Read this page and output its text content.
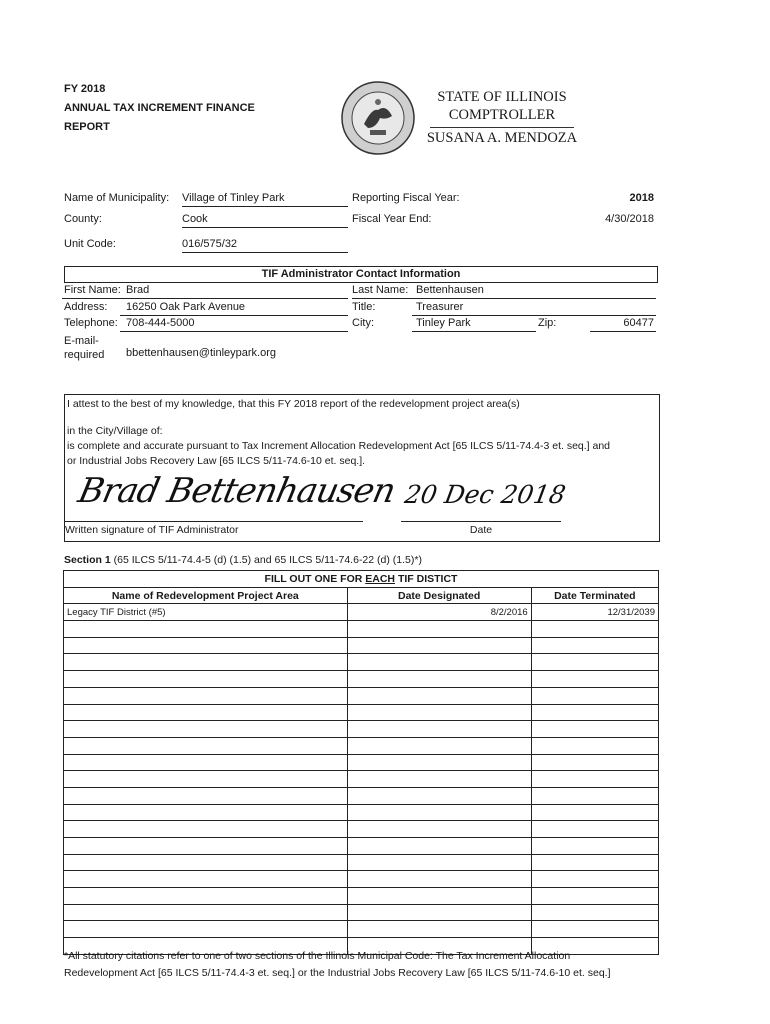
FY 2018
ANNUAL TAX INCREMENT FINANCE
REPORT
STATE OF ILLINOIS
COMPTROLLER
SUSANA A. MENDOZA
Name of Municipality: Village of Tinley Park
County:	Cook
Unit Code:	016/575/32
Reporting Fiscal Year:	2018
Fiscal Year End:	4/30/2018
TIF Administrator Contact Information
First Name: Brad
Address: 16250 Oak Park Avenue
Telephone: 708-444-5000
E-mail-
required bbettenhausen@tinleypark.org
Last Name: Bettenhausen
Title:	Treasurer
City:	Tinley Park	Zip:	60477
I attest to the best of my knowledge, that this FY 2018 report of the redevelopment project area(s)
in the City/Village of:
is complete and accurate pursuant to Tax Increment Allocation Redevelopment Act [65 ILCS 5/11-74.4-3 et. seq.] and
or Industrial Jobs Recovery Law [65 ILCS 5/11-74.6-10 et. seq.].
Brad Bettenhausen
Written signature of TIF Administrator
20 Dec 2018
Date
Section 1 (65 ILCS 5/11-74.4-5 (d) (1.5) and 65 ILCS 5/11-74.6-22 (d) (1.5)*)
FILL OUT ONE FOR EACH TIF DISTICT		
Name of Redevelopment Project Area	Date Designated	Date Terminated
Legacy TIF District (#5)	8/2/2016	12/31/2039

*All statutory citations refer to one of two sections of the Illinois Municipal Code: The Tax Increment Allocation
Redevelopment Act [65 ILCS 5/11-74.4-3 et. seq.] or the Industrial Jobs Recovery Law [65 ILCS 5/11-74.6-10 et. seq.]
